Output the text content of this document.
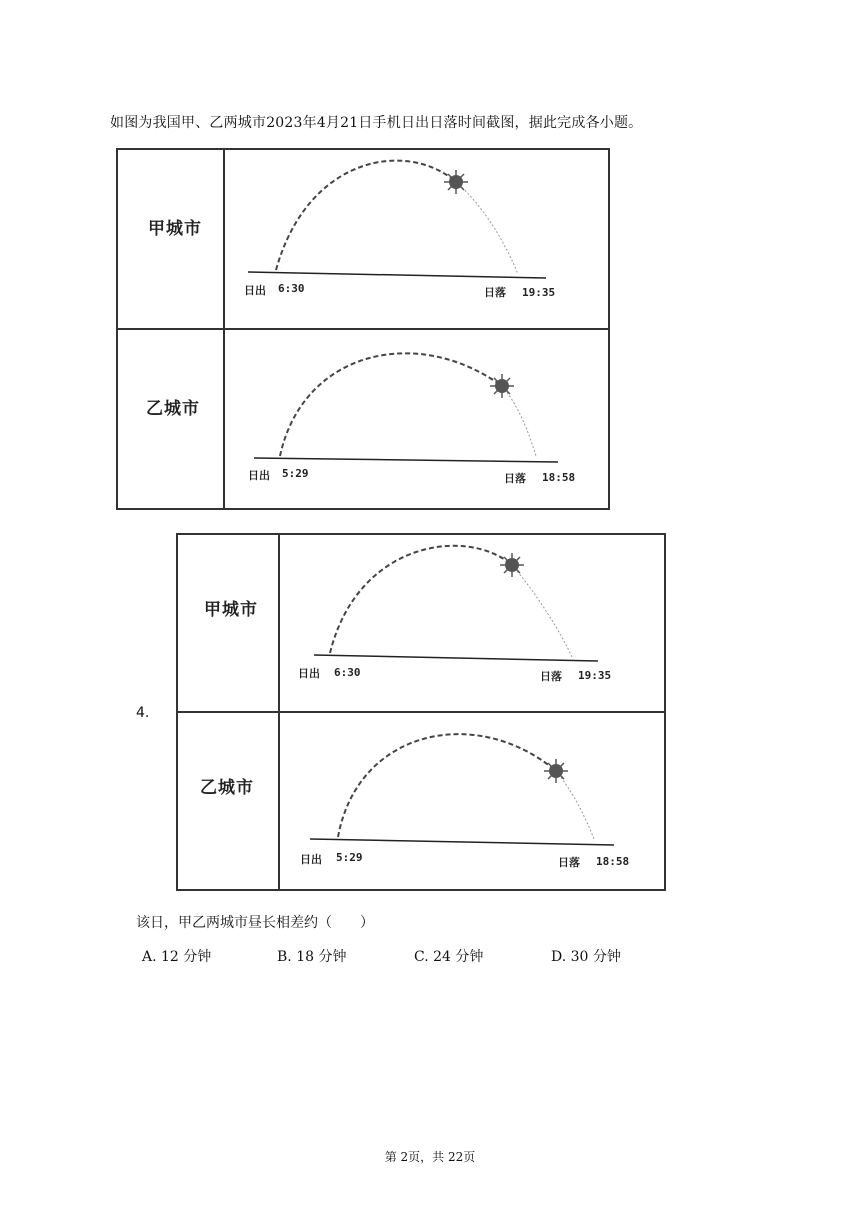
如图为我国甲、乙两城市2023年4月21日手机日出日落时间截图，据此完成各小题。
甲城市
日出 6:30	日落 19:35
乙城市
日出 5:29	日落 18:58
4.
甲城市
日出 6:30	日落 19:35
乙城市
日出 5:29	日落 18:58
该日，甲乙两城市昼长相差约（　　）
A. 12 分钟	B. 18 分钟	C. 24 分钟	D. 30 分钟
第 2页，共 22页
